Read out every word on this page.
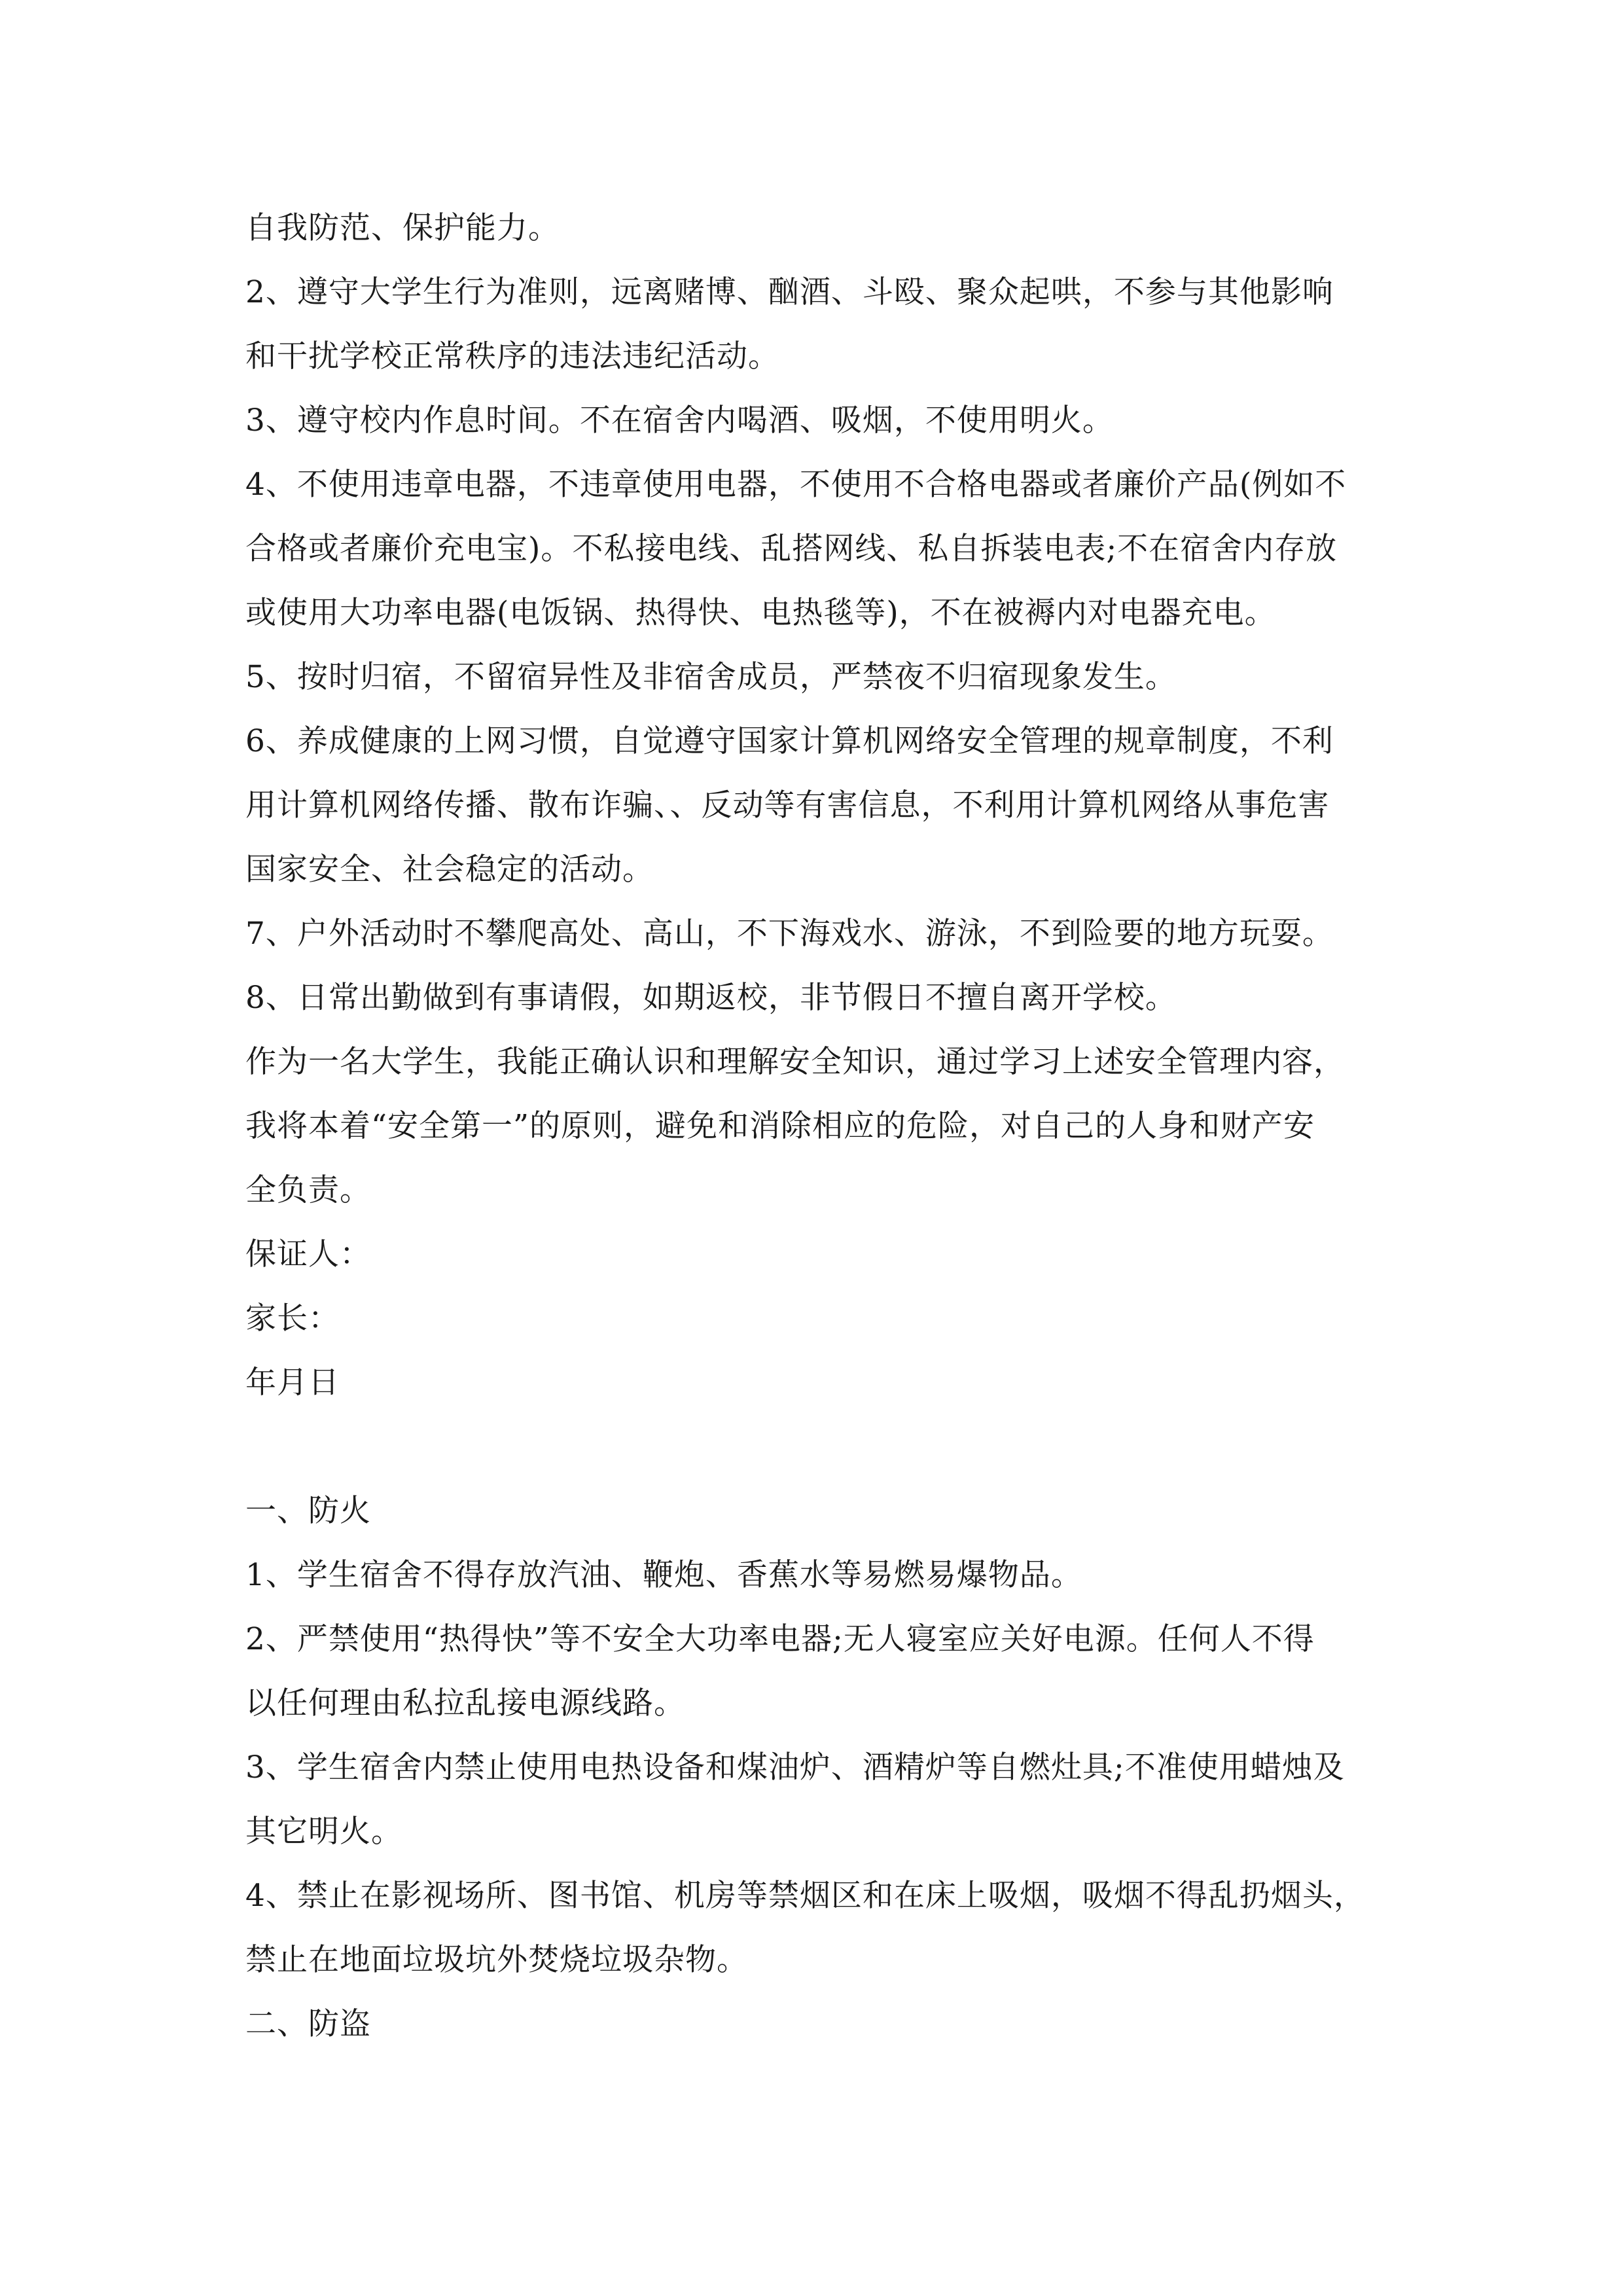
自我防范、保护能力。
2、遵守大学生行为准则，远离赌博、酗酒、斗殴、聚众起哄，不参与其他影响
和干扰学校正常秩序的违法违纪活动。
3、遵守校内作息时间。不在宿舍内喝酒、吸烟，不使用明火。
4、不使用违章电器，不违章使用电器，不使用不合格电器或者廉价产品(例如不
合格或者廉价充电宝)。不私接电线、乱搭网线、私自拆装电表;不在宿舍内存放
或使用大功率电器(电饭锅、热得快、电热毯等)，不在被褥内对电器充电。
5、按时归宿，不留宿异性及非宿舍成员，严禁夜不归宿现象发生。
6、养成健康的上网习惯，自觉遵守国家计算机网络安全管理的规章制度，不利
用计算机网络传播、散布诈骗、、反动等有害信息，不利用计算机网络从事危害
国家安全、社会稳定的活动。
7、户外活动时不攀爬高处、高山，不下海戏水、游泳，不到险要的地方玩耍。
8、日常出勤做到有事请假，如期返校，非节假日不擅自离开学校。
作为一名大学生，我能正确认识和理解安全知识，通过学习上述安全管理内容，
我将本着“安全第一”的原则，避免和消除相应的危险，对自己的人身和财产安
全负责。
保证人：
家长：
年月日
一、防火
1、学生宿舍不得存放汽油、鞭炮、香蕉水等易燃易爆物品。
2、严禁使用“热得快”等不安全大功率电器;无人寝室应关好电源。任何人不得
以任何理由私拉乱接电源线路。
3、学生宿舍内禁止使用电热设备和煤油炉、酒精炉等自燃灶具;不准使用蜡烛及
其它明火。
4、禁止在影视场所、图书馆、机房等禁烟区和在床上吸烟，吸烟不得乱扔烟头，
禁止在地面垃圾坑外焚烧垃圾杂物。
二、防盗
